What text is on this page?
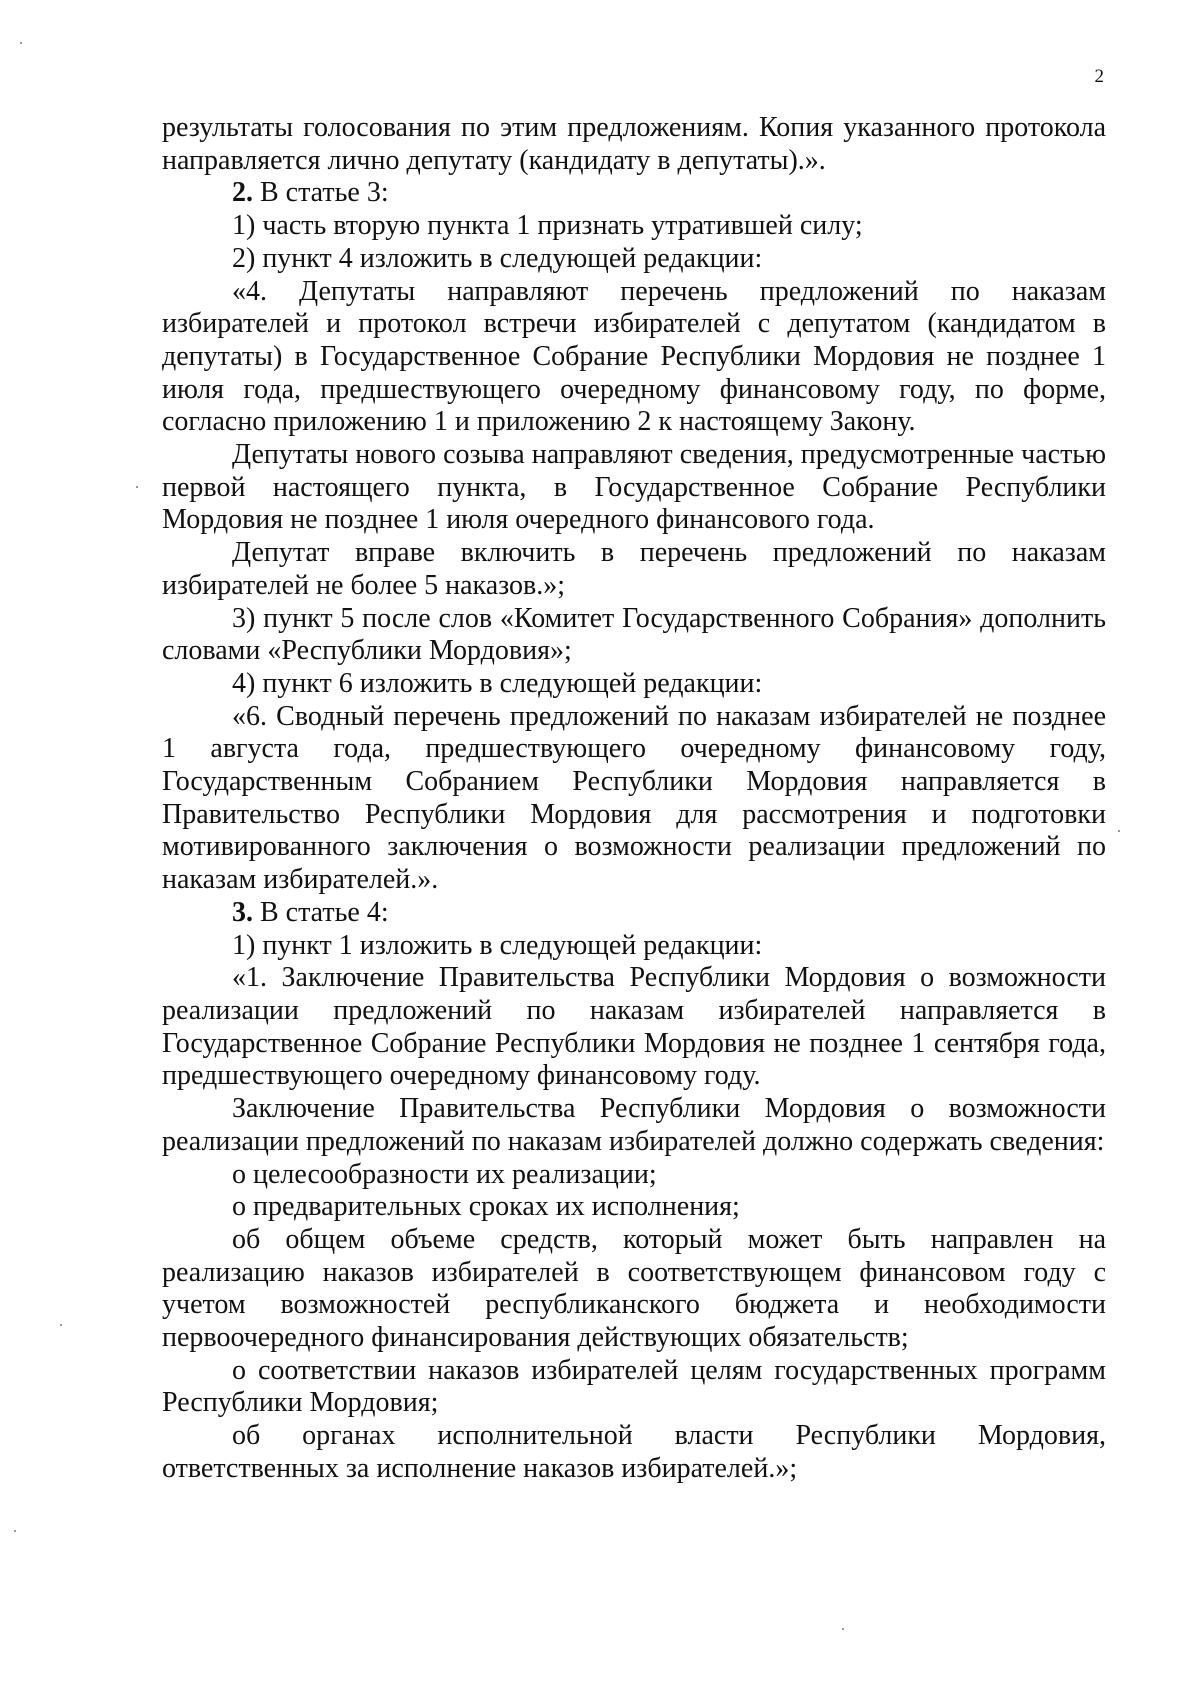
2

результаты голосования по этим предложениям. Копия указанного протокола направляется лично депутату (кандидату в депутаты).».

2. В статье 3:

1) часть вторую пункта 1 признать утратившей силу;

2) пункт 4 изложить в следующей редакции:

«4. Депутаты направляют перечень предложений по наказам избирателей и протокол встречи избирателей с депутатом (кандидатом в депутаты) в Государственное Собрание Республики Мордовия не позднее 1 июля года, предшествующего очередному финансовому году, по форме, согласно приложению 1 и приложению 2 к настоящему Закону.

Депутаты нового созыва направляют сведения, предусмотренные частью первой настоящего пункта, в Государственное Собрание Республики Мордовия не позднее 1 июля очередного финансового года.

Депутат вправе включить в перечень предложений по наказам избирателей не более 5 наказов.»;

3) пункт 5 после слов «Комитет Государственного Собрания» дополнить словами «Республики Мордовия»;

4) пункт 6 изложить в следующей редакции:

«6. Сводный перечень предложений по наказам избирателей не позднее 1 августа года, предшествующего очередному финансовому году, Государственным Собранием Республики Мордовия направляется в Правительство Республики Мордовия для рассмотрения и подготовки мотивированного заключения о возможности реализации предложений по наказам избирателей.».

3. В статье 4:

1) пункт 1 изложить в следующей редакции:

«1. Заключение Правительства Республики Мордовия о возможности реализации предложений по наказам избирателей направляется в Государственное Собрание Республики Мордовия не позднее 1 сентября года, предшествующего очередному финансовому году.

Заключение Правительства Республики Мордовия о возможности реализации предложений по наказам избирателей должно содержать сведения:

о целесообразности их реализации;

о предварительных сроках их исполнения;

об общем объеме средств, который может быть направлен на реализацию наказов избирателей в соответствующем финансовом году с учетом возможностей республиканского бюджета и необходимости первоочередного финансирования действующих обязательств;

о соответствии наказов избирателей целям государственных программ Республики Мордовия;

об органах исполнительной власти Республики Мордовия, ответственных за исполнение наказов избирателей.»;
